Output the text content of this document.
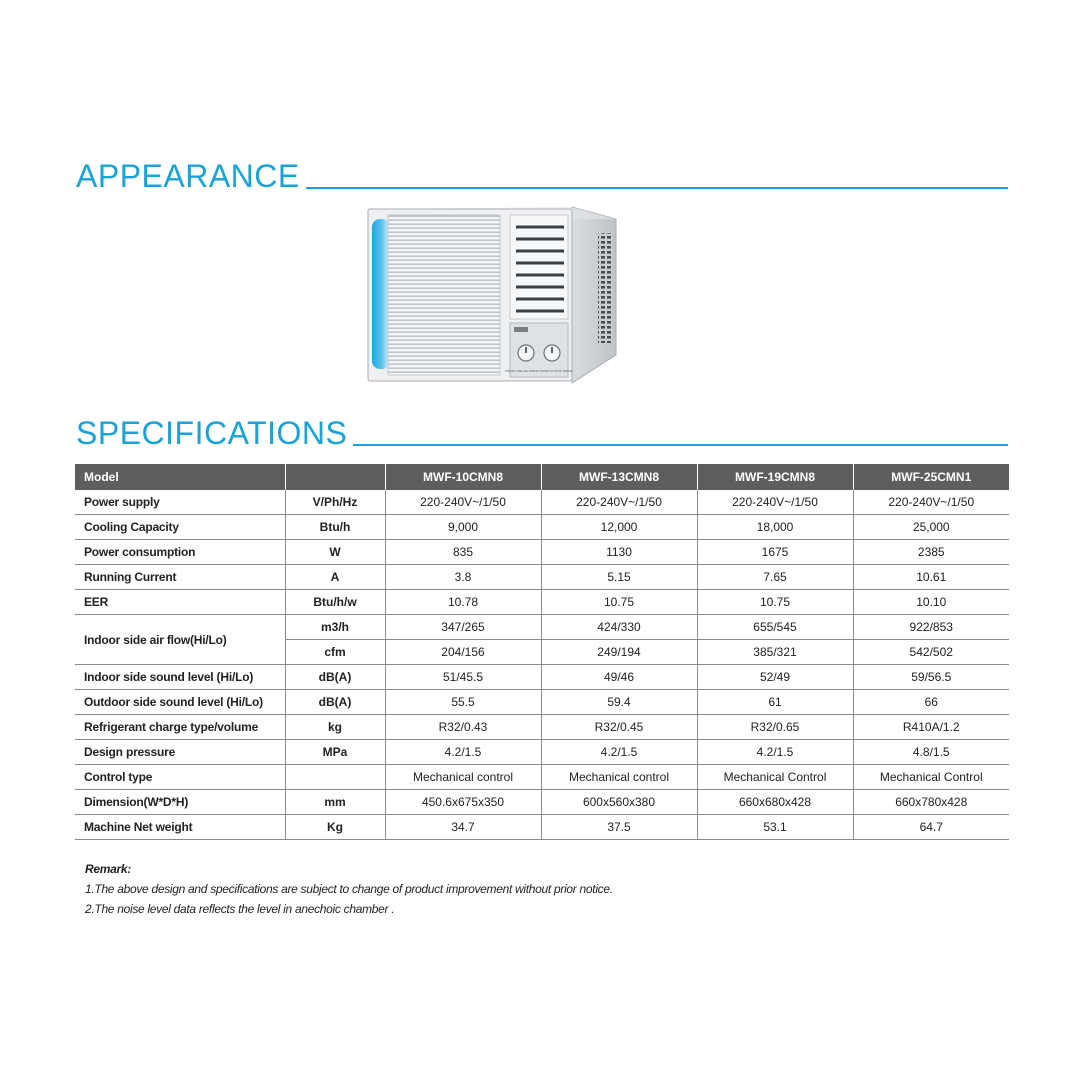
APPEARANCE
PRESS THE AIR SWING KNOB TO STOP SWING
SPECIFICATIONS
Model		MWF-10CMN8	MWF-13CMN8	MWF-19CMN8	MWF-25CMN1
Power supply	V/Ph/Hz	220-240V~/1/50	220-240V~/1/50	220-240V~/1/50	220-240V~/1/50
Cooling Capacity	Btu/h	9,000	12,000	18,000	25,000
Power consumption	W	835	1130	1675	2385
Running Current	A	3.8	5.15	7.65	10.61
EER	Btu/h/w	10.78	10.75	10.75	10.10
Indoor side air flow(Hi/Lo)	m3/h	347/265	424/330	655/545	922/853
	cfm	204/156	249/194	385/321	542/502
Indoor side sound level (Hi/Lo)	dB(A)	51/45.5	49/46	52/49	59/56.5
Outdoor side sound level (Hi/Lo)	dB(A)	55.5	59.4	61	66
Refrigerant charge type/volume	kg	R32/0.43	R32/0.45	R32/0.65	R410A/1.2
Design pressure	MPa	4.2/1.5	4.2/1.5	4.2/1.5	4.8/1.5
Control type		Mechanical control	Mechanical control	Mechanical Control	Mechanical Control
Dimension(W*D*H)	mm	450.6x675x350	600x560x380	660x680x428	660x780x428
Machine Net weight	Kg	34.7	37.5	53.1	64.7
Remark:
1.The above design and specifications are subject to change of product improvement without prior notice.
2.The noise level data reflects the level in anechoic chamber .
